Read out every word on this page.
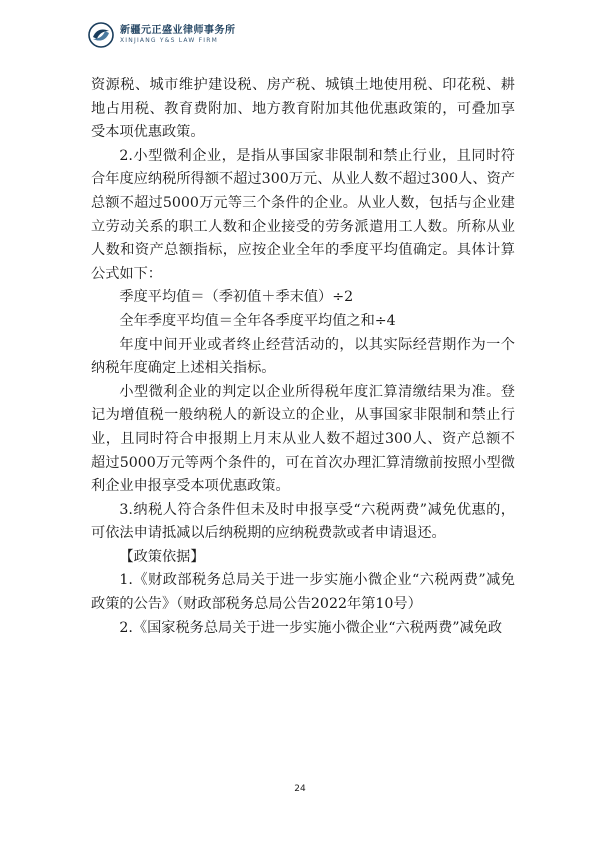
新疆元正盛业律师事务所
XINJIANG Y&S LAW FIRM

资源税、城市维护建设税、房产税、城镇土地使用税、印花税、耕地占用税、教育费附加、地方教育附加其他优惠政策的，可叠加享受本项优惠政策。

2.小型微利企业，是指从事国家非限制和禁止行业，且同时符合年度应纳税所得额不超过300万元、从业人数不超过300人、资产总额不超过5000万元等三个条件的企业。从业人数，包括与企业建立劳动关系的职工人数和企业接受的劳务派遣用工人数。所称从业人数和资产总额指标，应按企业全年的季度平均值确定。具体计算公式如下：

季度平均值＝（季初值＋季末值）÷2

全年季度平均值＝全年各季度平均值之和÷4

年度中间开业或者终止经营活动的，以其实际经营期作为一个纳税年度确定上述相关指标。

小型微利企业的判定以企业所得税年度汇算清缴结果为准。登记为增值税一般纳税人的新设立的企业，从事国家非限制和禁止行业，且同时符合申报期上月末从业人数不超过300人、资产总额不超过5000万元等两个条件的，可在首次办理汇算清缴前按照小型微利企业申报享受本项优惠政策。

3.纳税人符合条件但未及时申报享受“六税两费”减免优惠的，可依法申请抵减以后纳税期的应纳税费款或者申请退还。

【政策依据】

1.《财政部税务总局关于进一步实施小微企业“六税两费”减免政策的公告》（财政部税务总局公告2022年第10号）

2.《国家税务总局关于进一步实施小微企业“六税两费”减免政

24
